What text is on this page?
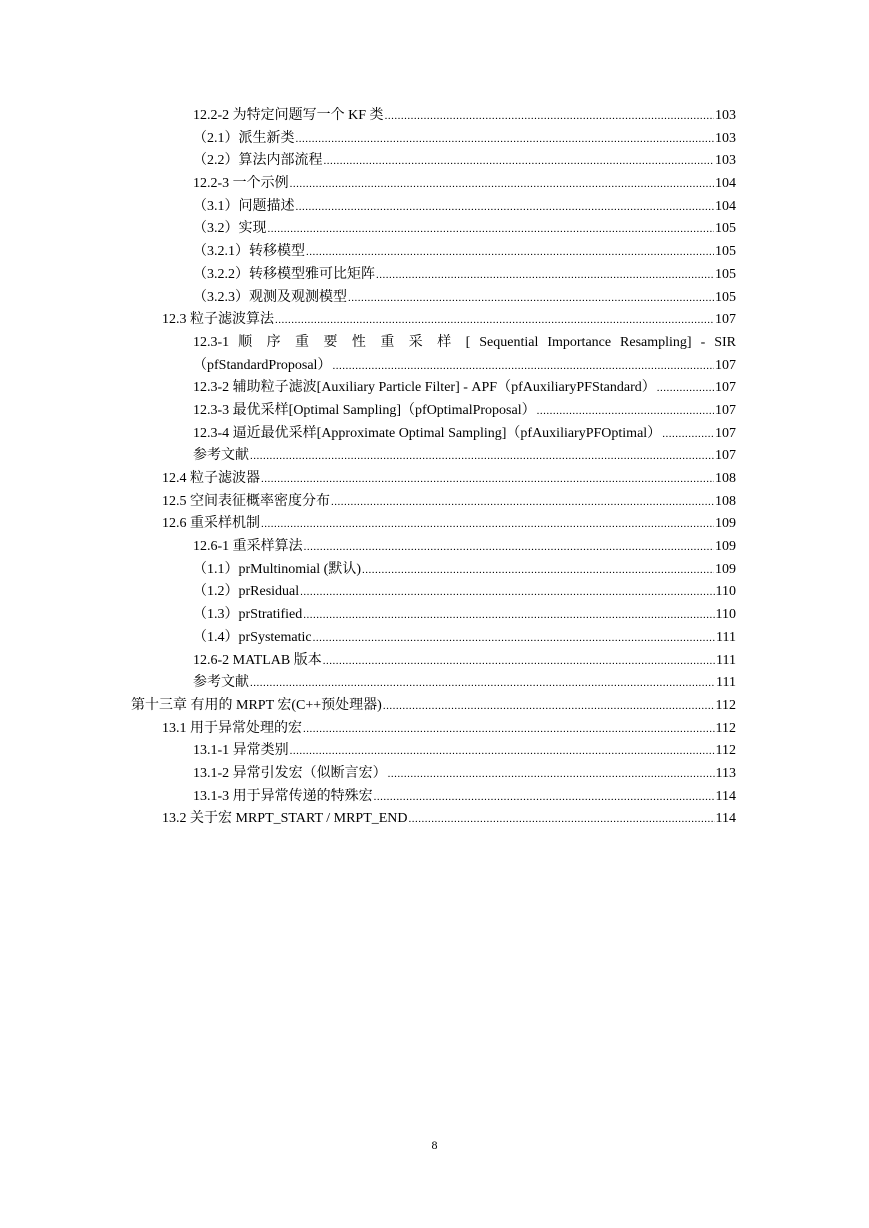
12.2-2 为特定问题写一个 KF 类 .....	103
（2.1）派生新类 .....	103
（2.2）算法内部流程 .....	103
12.2-3 一个示例 .....	104
（3.1）问题描述 .....	104
（3.2）实现 .....	105
（3.2.1）转移模型 .....	105
（3.2.2）转移模型雅可比矩阵 .....	105
（3.2.3）观测及观测模型 .....	105
12.3 粒子滤波算法 .....	107
12.3-1 顺 序 重 要 性 重 采 样 [ Sequential Importance Resampling] - SIR
（pfStandardProposal） .....	107
12.3-2 辅助粒子滤波[Auxiliary Particle Filter] - APF（pfAuxiliaryPFStandard） .....	107
12.3-3 最优采样[Optimal Sampling]（pfOptimalProposal） .....	107
12.3-4 逼近最优采样[Approximate Optimal Sampling]（pfAuxiliaryPFOptimal） .....	107
参考文献 .....	107
12.4 粒子滤波器 .....	108
12.5 空间表征概率密度分布 .....	108
12.6 重采样机制 .....	109
12.6-1 重采样算法 .....	109
（1.1）prMultinomial (默认) .....	109
（1.2）prResidual .....	110
（1.3）prStratified .....	110
（1.4）prSystematic .....	111
12.6-2 MATLAB 版本 .....	111
参考文献 .....	111
第十三章 有用的 MRPT 宏(C++预处理器) .....	112
13.1 用于异常处理的宏 .....	112
13.1-1 异常类别 .....	112
13.1-2 异常引发宏（似断言宏） .....	113
13.1-3 用于异常传递的特殊宏 .....	114
13.2 关于宏 MRPT_START / MRPT_END .....	114
8
